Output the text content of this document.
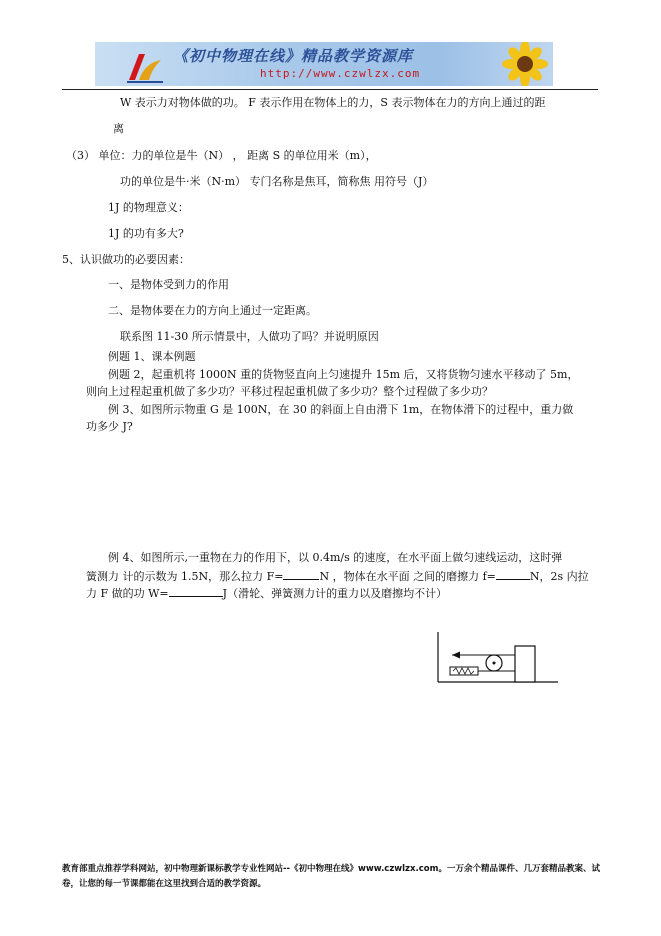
《初中物理在线》精品教学资源库
http://www.czwlzx.com
W 表示力对物体做的功。 F 表示作用在物体上的力，S 表示物体在力的方向上通过的距
离
（3） 单位：力的单位是牛（N） ， 距离 S 的单位用米（m），
功的单位是牛·米（N·m） 专门名称是焦耳，简称焦 用符号（J）
1J 的物理意义：
1J 的功有多大?
5、认识做功的必要因素：
一、是物体受到力的作用
二、是物体要在力的方向上通过一定距离。
联系图 11-30 所示情景中，人做功了吗？并说明原因
例题 1、课本例题
例题 2，起重机将 1000N 重的货物竖直向上匀速提升 15m 后，又将货物匀速水平移动了 5m，
则向上过程起重机做了多少功？平移过程起重机做了多少功？整个过程做了多少功？
例 3、如图所示物重 G 是 100N，在 30 的斜面上自由滑下 1m，在物体滑下的过程中，重力做
功多少 J?
例 4、如图所示,一重物在力的作用下，以 0.4m/s 的速度，在水平面上做匀速线运动，这时弹
簧测力 计的示数为 1.5N，那么拉力 F=	N ，物体在水平面 之间的磨擦力 f=	N，2s 内拉
力 F 做的功 W=	J（滑轮、弹簧测力计的重力以及磨擦均不计）
教育部重点推荐学科网站，初中物理新课标教学专业性网站--《初中物理在线》www.czwlzx.com。一万余个精品课件、几万套精品教案、试卷，让您的每一节课都能在这里找到合适的教学资源。
